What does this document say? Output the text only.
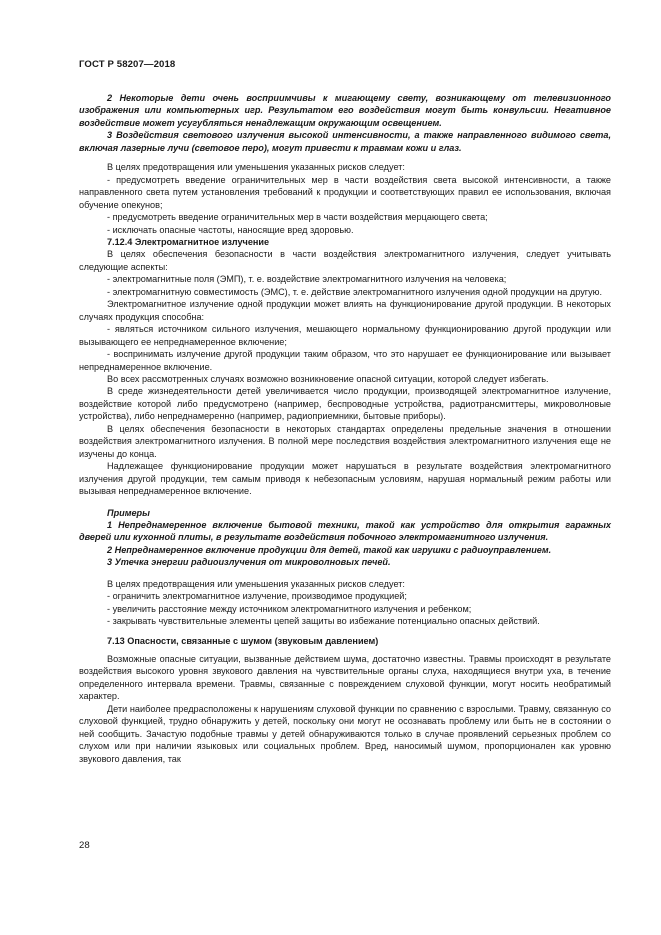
ГОСТ Р 58207—2018

2 Некоторые дети очень восприимчивы к мигающему свету, возникающему от телевизионного изображения или компьютерных игр. Результатом его воздействия могут быть конвульсии. Негативное воздействие может усугубляться ненадлежащим окружающим освещением.

3 Воздействия светового излучения высокой интенсивности, а также направленного видимого света, включая лазерные лучи (световое перо), могут привести к травмам кожи и глаз.

В целях предотвращения или уменьшения указанных рисков следует:

- предусмотреть введение ограничительных мер в части воздействия света высокой интенсивности, а также направленного света путем установления требований к продукции и соответствующих правил ее использования, включая обучение опекунов;

- предусмотреть введение ограничительных мер в части воздействия мерцающего света;

- исключать опасные частоты, наносящие вред здоровью.

7.12.4 Электромагнитное излучение

В целях обеспечения безопасности в части воздействия электромагнитного излучения, следует учитывать следующие аспекты:

- электромагнитные поля (ЭМП), т. е. воздействие электромагнитного излучения на человека;

- электромагнитную совместимость (ЭМС), т. е. действие электромагнитного излучения одной продукции на другую.

Электромагнитное излучение одной продукции может влиять на функционирование другой продукции. В некоторых случаях продукция способна:

- являться источником сильного излучения, мешающего нормальному функционированию другой продукции или вызывающего ее непреднамеренное включение;

- воспринимать излучение другой продукции таким образом, что это нарушает ее функционирование или вызывает непреднамеренное включение.

Во всех рассмотренных случаях возможно возникновение опасной ситуации, которой следует избегать.

В среде жизнедеятельности детей увеличивается число продукции, производящей электромагнитное излучение, воздействие которой либо предусмотрено (например, беспроводные устройства, радиотрансмиттеры, микроволновые устройства), либо непреднамеренно (например, радиоприемники, бытовые приборы).

В целях обеспечения безопасности в некоторых стандартах определены предельные значения в отношении воздействия электромагнитного излучения. В полной мере последствия воздействия электромагнитного излучения еще не изучены до конца.

Надлежащее функционирование продукции может нарушаться в результате воздействия электромагнитного излучения другой продукции, тем самым приводя к небезопасным условиям, нарушая нормальный режим работы или вызывая непреднамеренное включение.

Примеры

1 Непреднамеренное включение бытовой техники, такой как устройство для открытия гаражных дверей или кухонной плиты, в результате воздействия побочного электромагнитного излучения.

2 Непреднамеренное включение продукции для детей, такой как игрушки с радиоуправлением.

3 Утечка энергии радиоизлучения от микроволновых печей.

В целях предотвращения или уменьшения указанных рисков следует:

- ограничить электромагнитное излучение, производимое продукцией;

- увеличить расстояние между источником электромагнитного излучения и ребенком;

- закрывать чувствительные элементы цепей защиты во избежание потенциально опасных действий.

7.13 Опасности, связанные с шумом (звуковым давлением)

Возможные опасные ситуации, вызванные действием шума, достаточно известны. Травмы происходят в результате воздействия высокого уровня звукового давления на чувствительные органы слуха, находящиеся внутри уха, в течение определенного интервала времени. Травмы, связанные с повреждением слуховой функции, могут носить необратимый характер.

Дети наиболее предрасположены к нарушениям слуховой функции по сравнению с взрослыми. Травму, связанную со слуховой функцией, трудно обнаружить у детей, поскольку они могут не осознавать проблему или быть не в состоянии о ней сообщить. Зачастую подобные травмы у детей обнаруживаются только в случае проявлений серьезных проблем со слухом или при наличии языковых или социальных проблем. Вред, наносимый шумом, пропорционален как уровню звукового давления, так

28
